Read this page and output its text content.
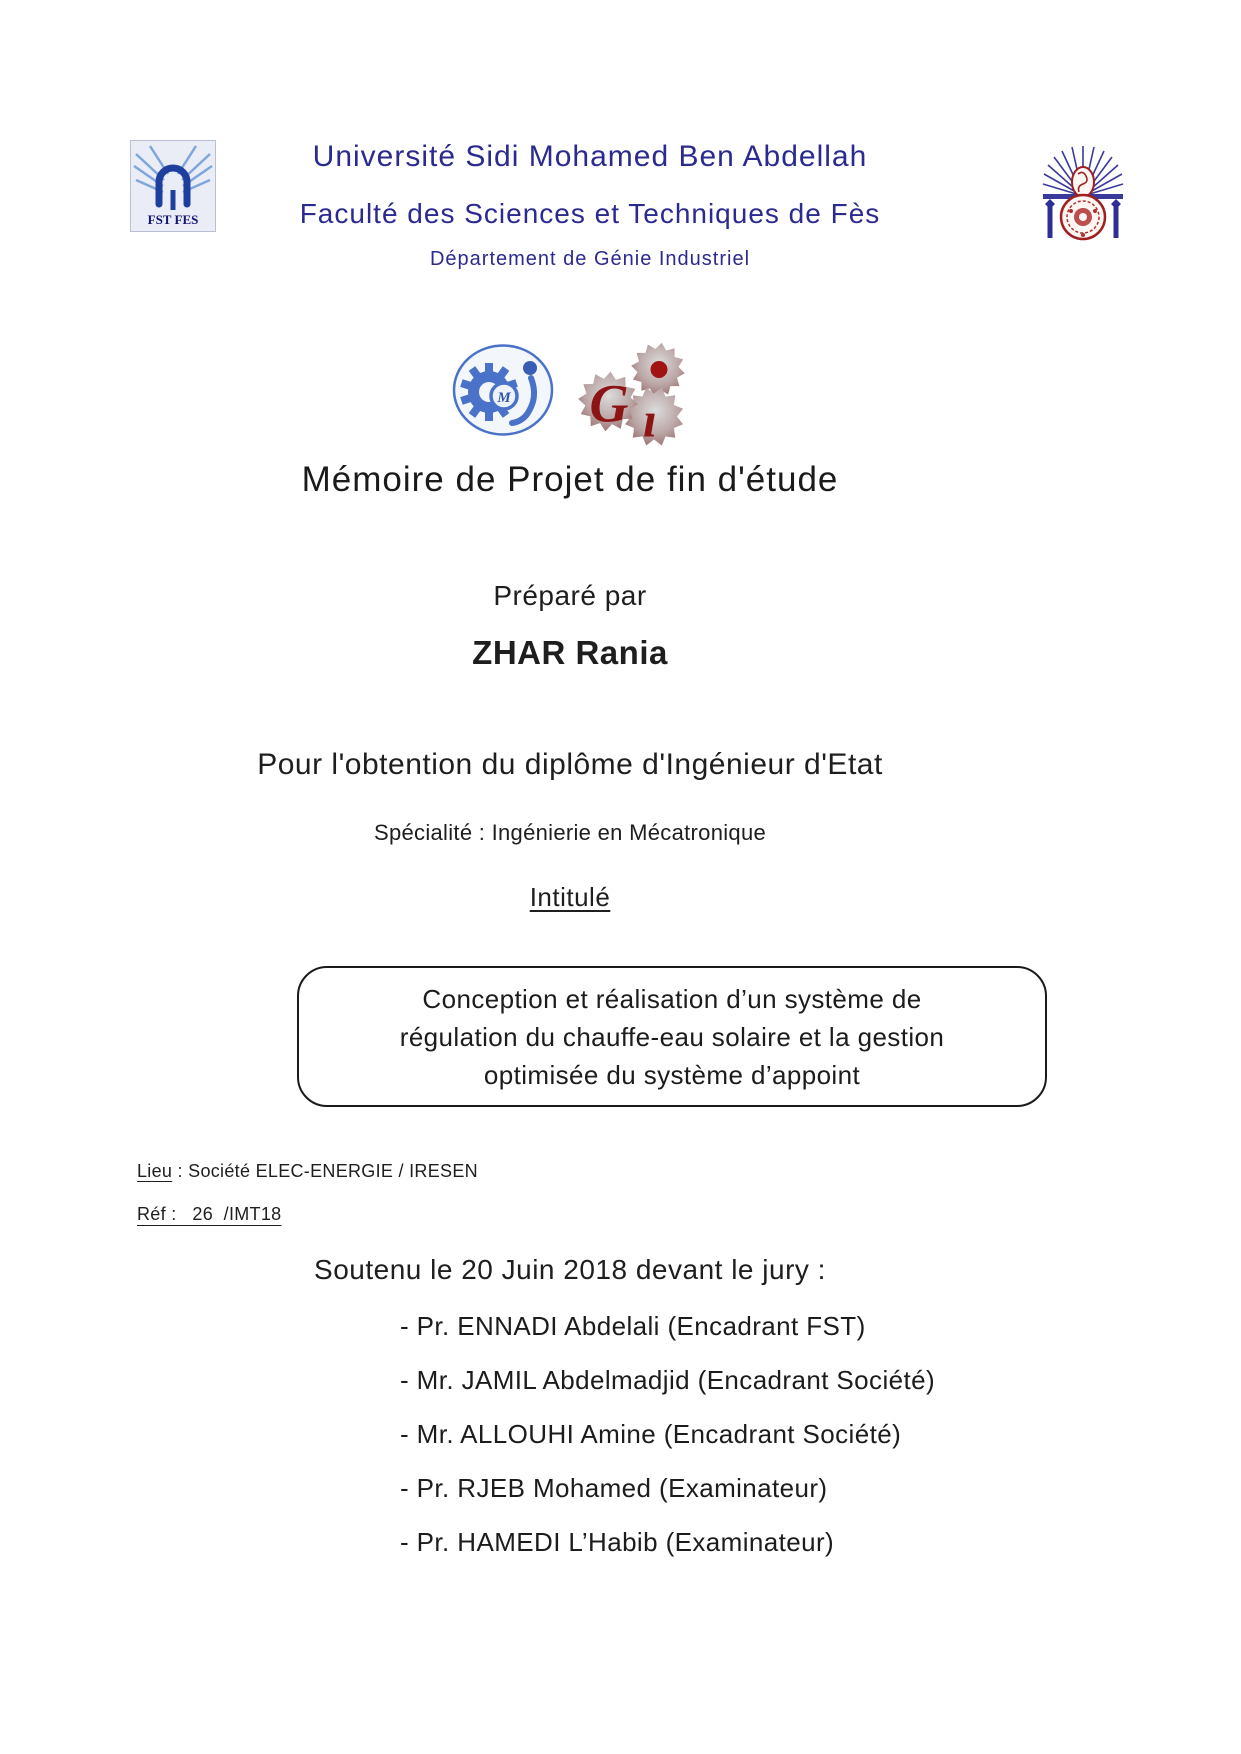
FST FES
Université Sidi Mohamed Ben Abdellah
Faculté des Sciences et Techniques de Fès
Département de Génie Industriel
M G ı
Mémoire de Projet de fin d'étude
Préparé par
ZHAR Rania
Pour l'obtention du diplôme d'Ingénieur d'Etat
Spécialité : Ingénierie en Mécatronique
Intitulé
Conception et réalisation d’un système de
régulation du chauffe-eau solaire et la gestion
optimisée du système d’appoint
Lieu : Société ELEC-ENERGIE / IRESEN
Réf :   26  /IMT18
Soutenu le 20 Juin 2018 devant le jury :
- Pr. ENNADI Abdelali (Encadrant FST)
- Mr. JAMIL Abdelmadjid (Encadrant Société)
- Mr. ALLOUHI Amine (Encadrant Société)
- Pr. RJEB Mohamed (Examinateur)
- Pr. HAMEDI L’Habib (Examinateur)
